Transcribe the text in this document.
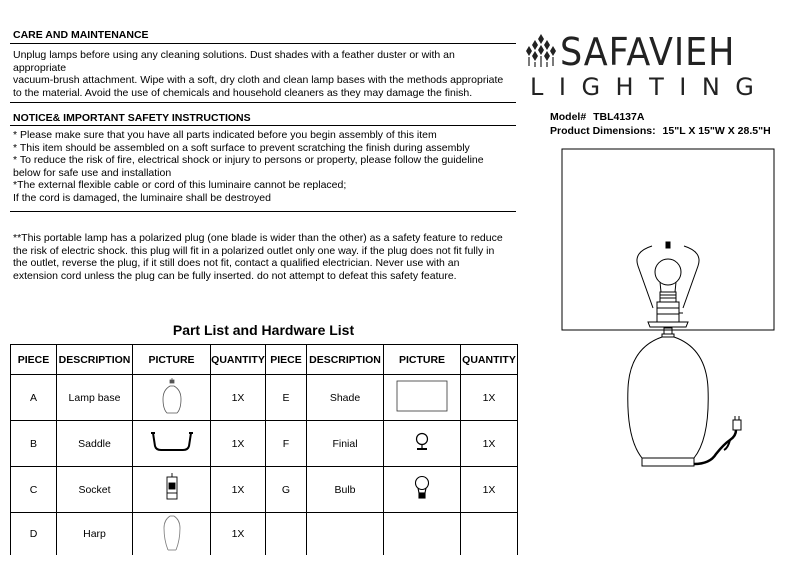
CARE AND MAINTENANCE
Unplug lamps before using any cleaning solutions. Dust shades with a feather duster or with an
appropriate
vacuum-brush attachment. Wipe with a soft, dry cloth and clean lamp bases with the methods appropriate
to the material. Avoid the use of chemicals and household cleaners as they may damage the finish.
NOTICE& IMPORTANT SAFETY INSTRUCTIONS
* Please make sure that you have all parts indicated before you begin assembly of this item
* This item should be assembled on a soft surface to prevent scratching the finish during assembly
* To reduce the risk of fire, electrical shock or injury to persons or property, please follow the guideline
below for safe use and installation
*The external flexible cable or cord of this luminaire cannot be replaced;
If the cord is damaged, the luminaire shall be destroyed
**This portable lamp has a polarized plug (one blade is wider than the other) as a safety feature to reduce
the risk of electric shock. this plug will fit in a polarized outlet only one way. if the plug does not fit fully in
the outlet, reverse the plug, if it still does not fit, contact a qualified electrician. Never use with an
extension cord unless the plug can be fully inserted. do not attempt to defeat this safety feature.
SAFAVIEH
LIGHTING
Model# TBL4137A
Product Dimensions: 15"L X 15"W X 28.5"H
Part List and Hardware List
PIECE	DESCRIPTION	PICTURE	QUANTITY	PIECE	DESCRIPTION	PICTURE	QUANTITY
A	Lamp base		1X	E	Shade		1X
B	Saddle		1X	F	Finial		1X
C	Socket		1X	G	Bulb		1X
D	Harp		1X				
